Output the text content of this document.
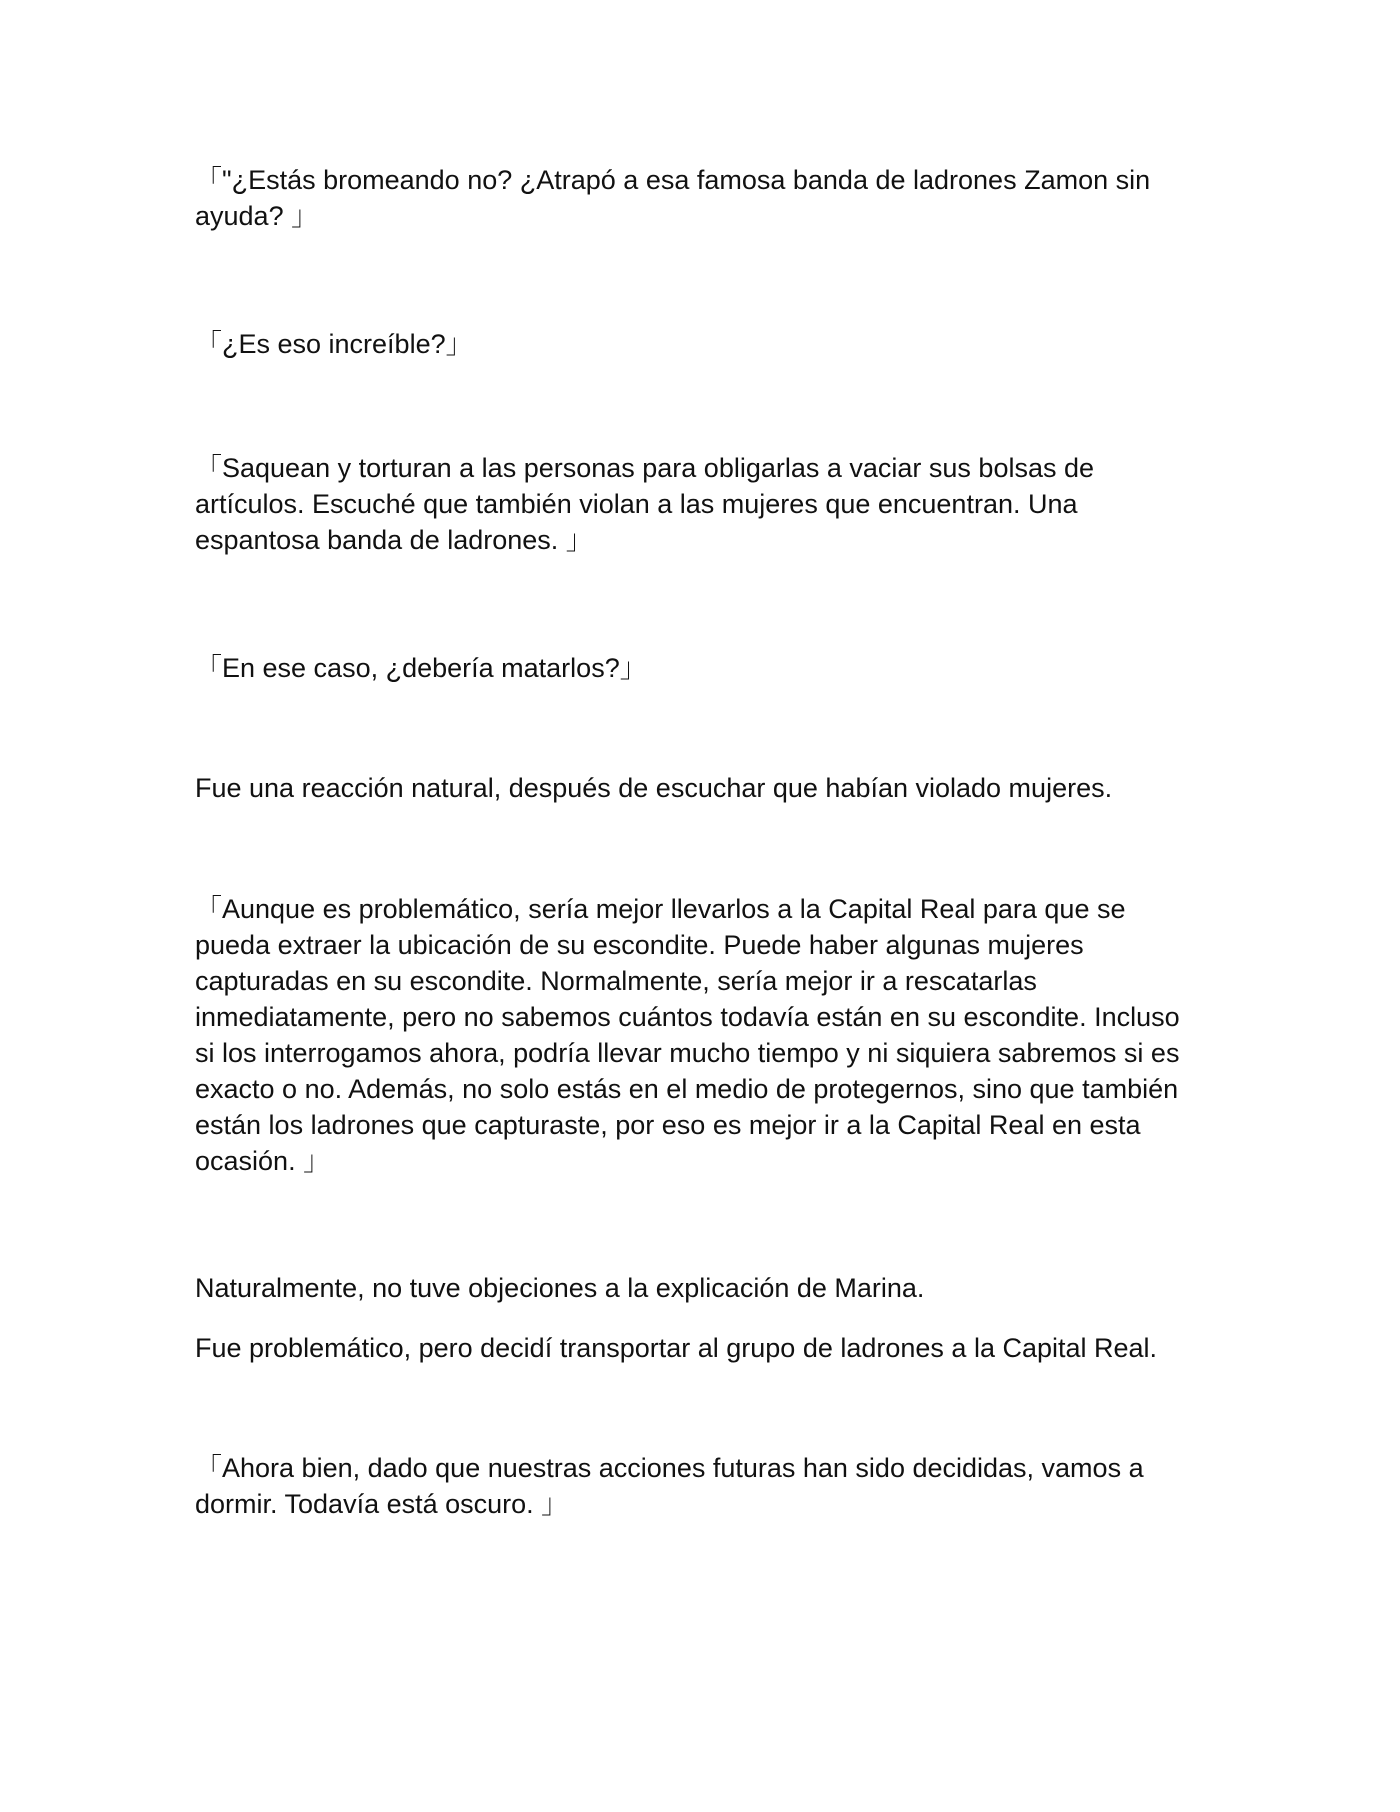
「"¿Estás bromeando no? ¿Atrapó a esa famosa banda de ladrones Zamon sin
ayuda? 」

「¿Es eso increíble?」

「Saquean y torturan a las personas para obligarlas a vaciar sus bolsas de
artículos. Escuché que también violan a las mujeres que encuentran. Una
espantosa banda de ladrones. 」

「En ese caso, ¿debería matarlos?」

Fue una reacción natural, después de escuchar que habían violado mujeres.

「Aunque es problemático, sería mejor llevarlos a la Capital Real para que se
pueda extraer la ubicación de su escondite. Puede haber algunas mujeres
capturadas en su escondite. Normalmente, sería mejor ir a rescatarlas
inmediatamente, pero no sabemos cuántos todavía están en su escondite. Incluso
si los interrogamos ahora, podría llevar mucho tiempo y ni siquiera sabremos si es
exacto o no. Además, no solo estás en el medio de protegernos, sino que también
están los ladrones que capturaste, por eso es mejor ir a la Capital Real en esta
ocasión. 」

Naturalmente, no tuve objeciones a la explicación de Marina.

Fue problemático, pero decidí transportar al grupo de ladrones a la Capital Real.

「Ahora bien, dado que nuestras acciones futuras han sido decididas, vamos a
dormir. Todavía está oscuro. 」
